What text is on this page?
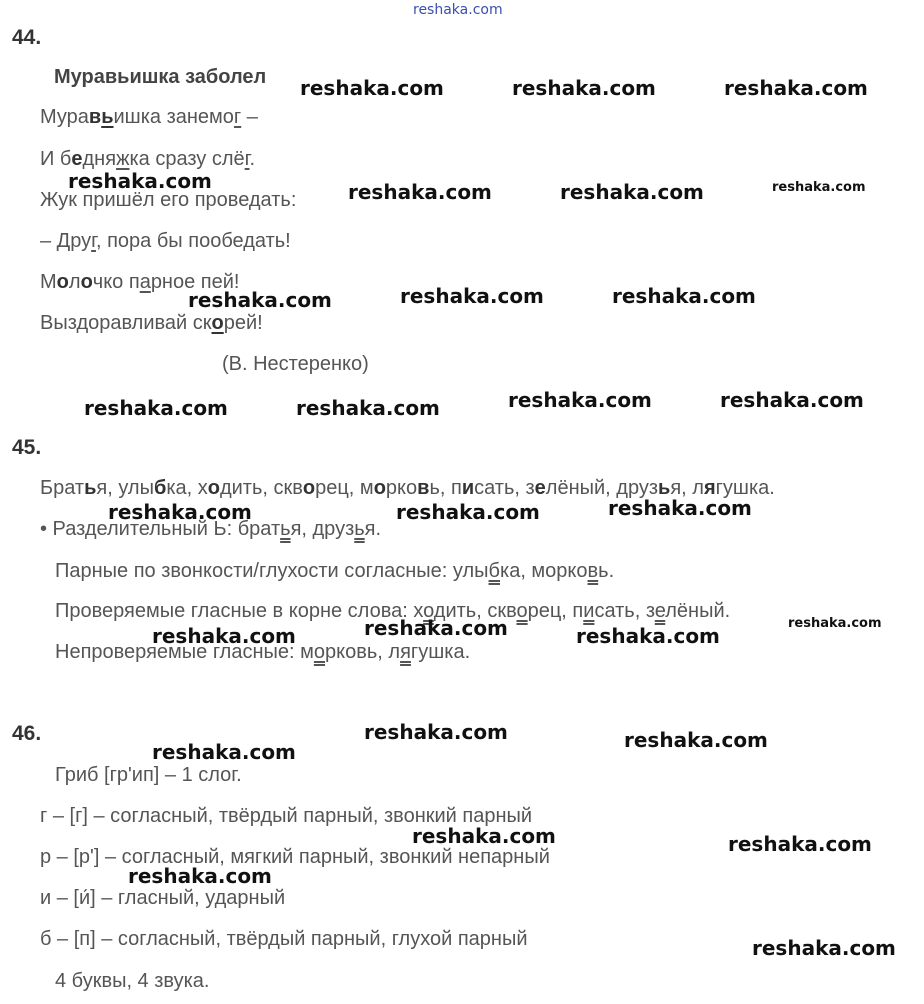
reshaka.com
44.
Муравьишка заболел
Муравьишка занемог –
И бедняжка сразу слёг.
Жук пришёл его проведать:
– Друг, пора бы пообедать!
Молочко парное пей!
Выздоравливай скорей!
(В. Нестеренко)
45.
Братья, улыбка, ходить, скворец, морковь, писать, зелёный, друзья, лягушка.
• Разделительный Ь: братья, друзья.
Парные по звонкости/глухости согласные: улыбка, морковь.
Проверяемые гласные в корне слова: ходить, скворец, писать, зелёный.
Непроверяемые гласные: морковь, лягушка.
46.
Гриб [гр'ип] – 1 слог.
г – [г] – согласный, твёрдый парный, звонкий парный
р – [р'] – согласный, мягкий парный, звонкий непарный
и – [и́] – гласный, ударный
б – [п] – согласный, твёрдый парный, глухой парный
4 буквы, 4 звука.
reshaka.com	reshaka.com	reshaka.com
reshaka.com	reshaka.com	reshaka.com	reshaka.com
reshaka.com	reshaka.com	reshaka.com
reshaka.com	reshaka.com	reshaka.com	reshaka.com
reshaka.com	reshaka.com	reshaka.com
reshaka.com	reshaka.com	reshaka.com
reshaka.com
reshaka.com	reshaka.com
reshaka.com
reshaka.com	reshaka.com
reshaka.com
reshaka.com
